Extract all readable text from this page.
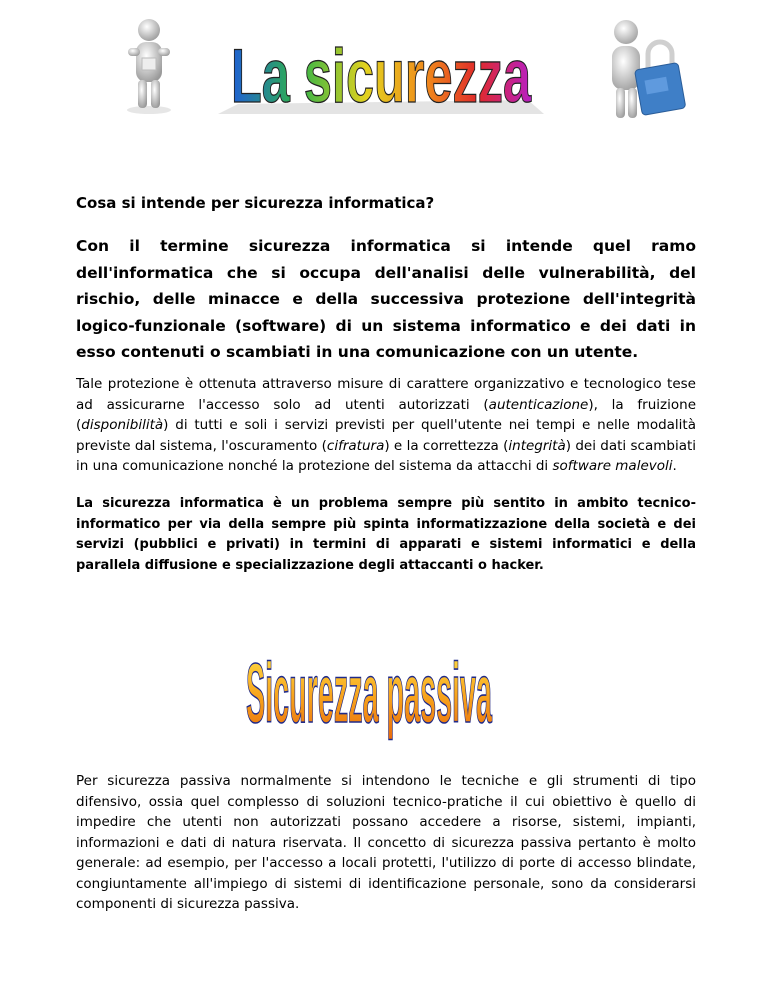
La sicurezza

Cosa si intende per sicurezza informatica?

Con il termine sicurezza informatica si intende quel ramo dell'informatica che si occupa dell'analisi delle vulnerabilità, del rischio, delle minacce e della successiva protezione dell'integrità logico-funzionale (software) di un sistema informatico e dei dati in esso contenuti o scambiati in una comunicazione con un utente.

Tale protezione è ottenuta attraverso misure di carattere organizzativo e tecnologico tese ad assicurarne l'accesso solo ad utenti autorizzati (autenticazione), la fruizione (disponibilità) di tutti e soli i servizi previsti per quell'utente nei tempi e nelle modalità previste dal sistema, l'oscuramento (cifratura) e la correttezza (integrità) dei dati scambiati in una comunicazione nonché la protezione del sistema da attacchi di software malevoli.

La sicurezza informatica è un problema sempre più sentito in ambito tecnico-informatico per via della sempre più spinta informatizzazione della società e dei servizi (pubblici e privati) in termini di apparati e sistemi informatici e della parallela diffusione e specializzazione degli attaccanti o hacker.

Sicurezza passiva

Per sicurezza passiva normalmente si intendono le tecniche e gli strumenti di tipo difensivo, ossia quel complesso di soluzioni tecnico-pratiche il cui obiettivo è quello di impedire che utenti non autorizzati possano accedere a risorse, sistemi, impianti, informazioni e dati di natura riservata. Il concetto di sicurezza passiva pertanto è molto generale: ad esempio, per l'accesso a locali protetti, l'utilizzo di porte di accesso blindate, congiuntamente all'impiego di sistemi di identificazione personale, sono da considerarsi componenti di sicurezza passiva.
